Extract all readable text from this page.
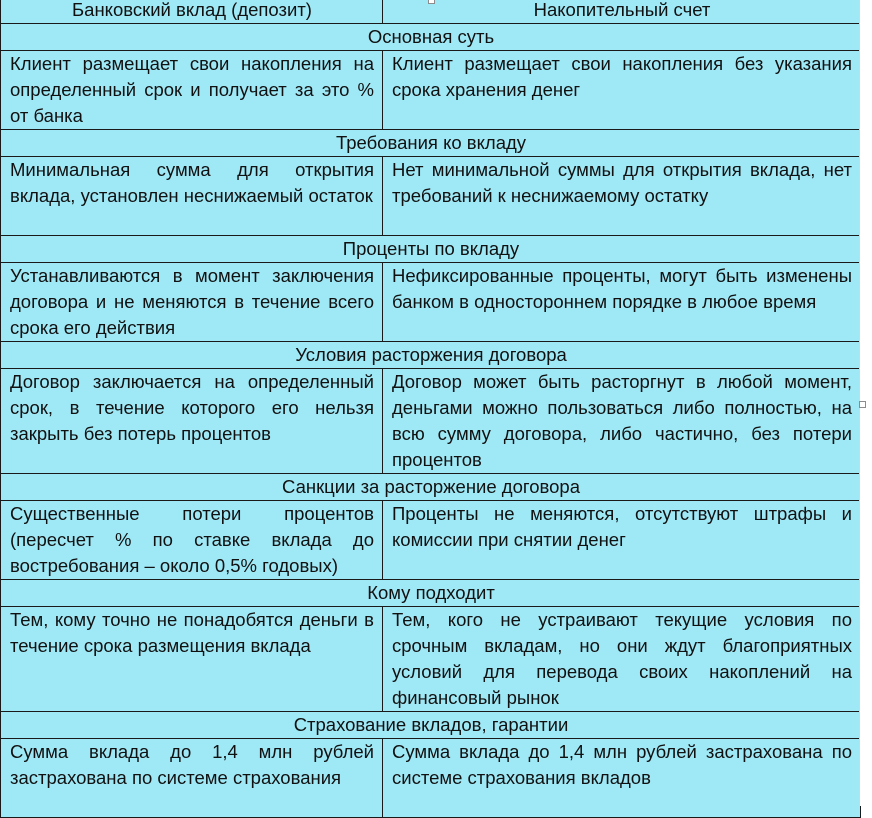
Банковский вклад (депозит)	Накопительный счет
Основная суть	
Клиент размещает свои накопления на определенный срок и получает за это % от банка	Клиент размещает свои накопления без указания срока хранения денег
Требования ко вкладу	
Минимальная сумма для открытия вклада, установлен неснижаемый остаток	Нет минимальной суммы для открытия вклада, нет требований к неснижаемому остатку
Проценты по вкладу	
Устанавливаются в момент заключения договора и не меняются в течение всего срока его действия	Нефиксированные проценты, могут быть изменены банком в одностороннем порядке в любое время
Условия расторжения договора	
Договор заключается на определенный срок, в течение которого его нельзя закрыть без потерь процентов	Договор может быть расторгнут в любой момент, деньгами можно пользоваться либо полностью, на всю сумму договора, либо частично, без потери процентов
Санкции за расторжение договора	
Существенные потери процентов (пересчет % по ставке вклада до востребования – около 0,5% годовых)	Проценты не меняются, отсутствуют штрафы и комиссии при снятии денег
Кому подходит	
Тем, кому точно не понадобятся деньги в течение срока размещения вклада	Тем, кого не устраивают текущие условия по срочным вкладам, но они ждут благоприятных условий для перевода своих накоплений на финансовый рынок
Страхование вкладов, гарантии	
Сумма вклада до 1,4 млн рублей застрахована по системе страхования	Сумма вклада до 1,4 млн рублей застрахована по системе страхования вкладов
